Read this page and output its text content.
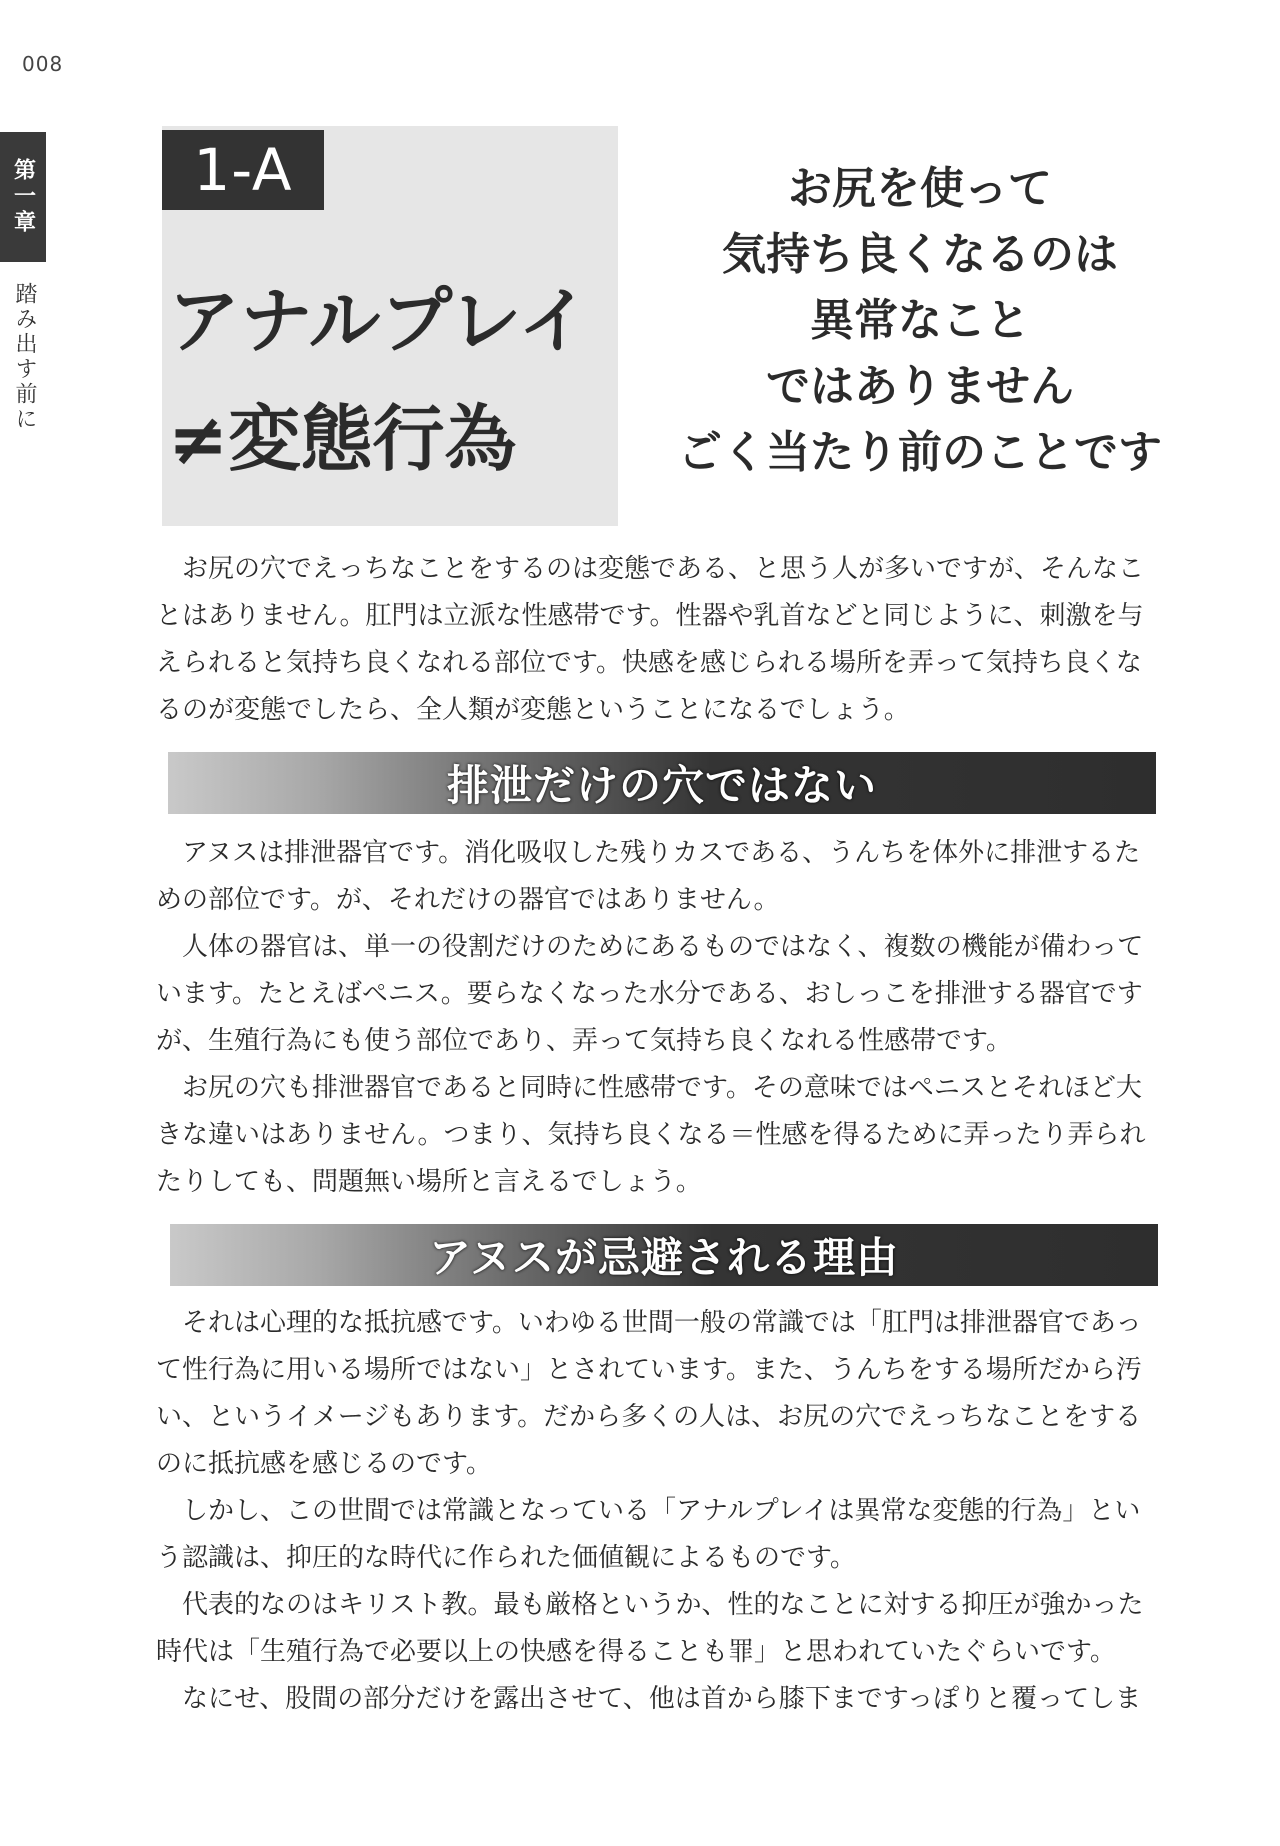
008
第一章
踏み出す前に
1-A
アナルプレイ
≠変態行為
お尻を使って
気持ち良くなるのは
異常なこと
ではありません
ごく当たり前のことです

お尻の穴でえっちなことをするのは変態である、と思う人が多いですが、そんなことはありません。肛門は立派な性感帯です。性器や乳首などと同じように、刺激を与えられると気持ち良くなれる部位です。快感を感じられる場所を弄って気持ち良くなるのが変態でしたら、全人類が変態ということになるでしょう。

排泄だけの穴ではない

アヌスは排泄器官です。消化吸収した残りカスである、うんちを体外に排泄するための部位です。が、それだけの器官ではありません。

人体の器官は、単一の役割だけのためにあるものではなく、複数の機能が備わっています。たとえばペニス。要らなくなった水分である、おしっこを排泄する器官ですが、生殖行為にも使う部位であり、弄って気持ち良くなれる性感帯です。

お尻の穴も排泄器官であると同時に性感帯です。その意味ではペニスとそれほど大きな違いはありません。つまり、気持ち良くなる＝性感を得るために弄ったり弄られたりしても、問題無い場所と言えるでしょう。

アヌスが忌避される理由

それは心理的な抵抗感です。いわゆる世間一般の常識では「肛門は排泄器官であって性行為に用いる場所ではない」とされています。また、うんちをする場所だから汚い、というイメージもあります。だから多くの人は、お尻の穴でえっちなことをするのに抵抗感を感じるのです。

しかし、この世間では常識となっている「アナルプレイは異常な変態的行為」という認識は、抑圧的な時代に作られた価値観によるものです。

代表的なのはキリスト教。最も厳格というか、性的なことに対する抑圧が強かった時代は「生殖行為で必要以上の快感を得ることも罪」と思われていたぐらいです。

なにせ、股間の部分だけを露出させて、他は首から膝下まですっぽりと覆ってしま
